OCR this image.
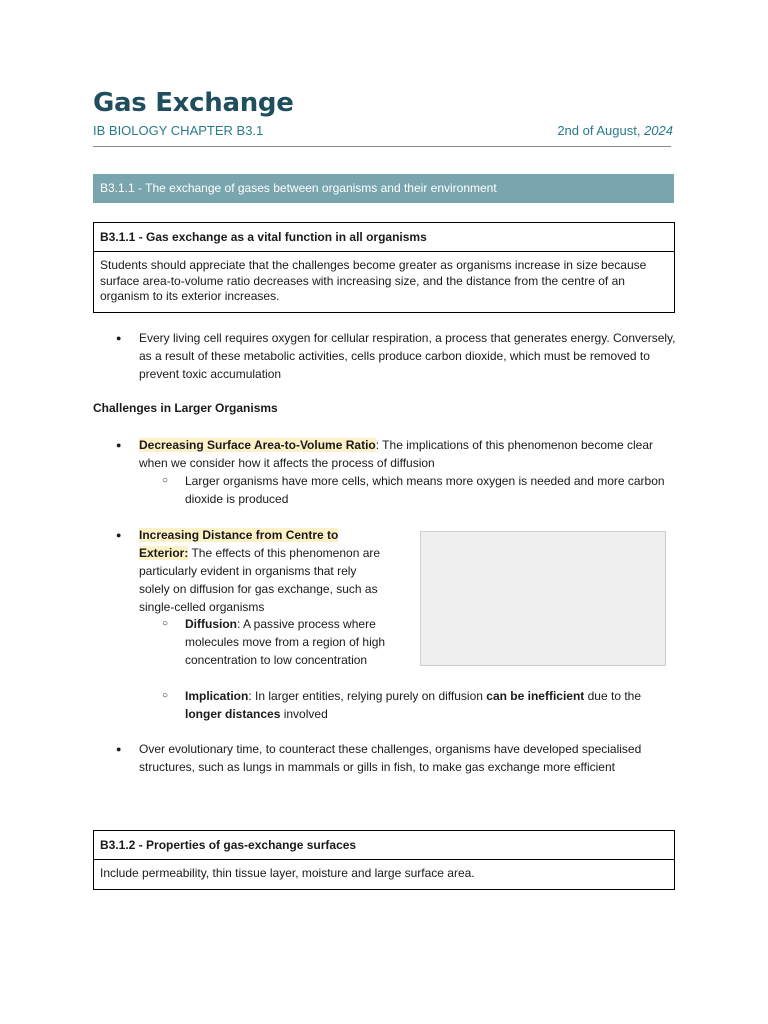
Gas Exchange

IB BIOLOGY CHAPTER B3.1	2nd of August, 2024

B3.1.1 - The exchange of gases between organisms and their environment
B3.1.1 - Gas exchange as a vital function in all organisms
Students should appreciate that the challenges become greater as organisms increase in size because surface area-to-volume ratio decreases with increasing size, and the distance from the centre of an organism to its exterior increases.

● Every living cell requires oxygen for cellular respiration, a process that generates energy. Conversely, as a result of these metabolic activities, cells produce carbon dioxide, which must be removed to prevent toxic accumulation

Challenges in Larger Organisms

● Decreasing Surface Area-to-Volume Ratio: The implications of this phenomenon become clear when we consider how it affects the process of diffusion

○ Larger organisms have more cells, which means more oxygen is needed and more carbon dioxide is produced

● Increasing Distance from Centre to Exterior: The effects of this phenomenon are particularly evident in organisms that rely solely on diffusion for gas exchange, such as single-celled organisms

○ Diffusion: A passive process where molecules move from a region of high concentration to low concentration

○ Implication: In larger entities, relying purely on diffusion can be inefficient due to the longer distances involved

● Over evolutionary time, to counteract these challenges, organisms have developed specialised structures, such as lungs in mammals or gills in fish, to make gas exchange more efficient

B3.1.2 - Properties of gas-exchange surfaces
Include permeability, thin tissue layer, moisture and large surface area.
